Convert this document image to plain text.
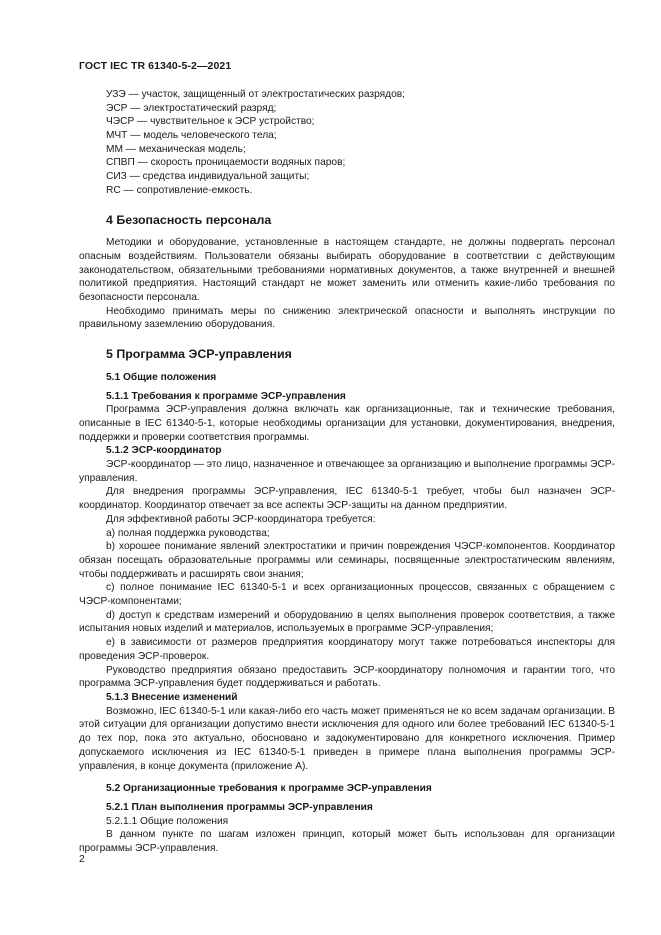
ГОСТ IEC TR 61340-5-2—2021
УЗЭ — участок, защищенный от электростатических разрядов;
ЭСР — электростатический разряд;
ЧЭСР — чувствительное к ЭСР устройство;
МЧТ — модель человеческого тела;
ММ — механическая модель;
СПВП — скорость проницаемости водяных паров;
СИЗ — средства индивидуальной защиты;
RC — сопротивление-емкость.
4 Безопасность персонала

Методики и оборудование, установленные в настоящем стандарте, не должны подвергать персонал опасным воздействиям. Пользователи обязаны выбирать оборудование в соответствии с действующим законодательством, обязательными требованиями нормативных документов, а также внутренней и внешней политикой предприятия. Настоящий стандарт не может заменить или отменить какие-либо требования по безопасности персонала.

Необходимо принимать меры по снижению электрической опасности и выполнять инструкции по правильному заземлению оборудования.

5 Программа ЭСР-управления
5.1 Общие положения
5.1.1 Требования к программе ЭСР-управления

Программа ЭСР-управления должна включать как организационные, так и технические требования, описанные в IEC 61340-5-1, которые необходимы организации для установки, документирования, внедрения, поддержки и проверки соответствия программы.

5.1.2 ЭСР-координатор

ЭСР-координатор — это лицо, назначенное и отвечающее за организацию и выполнение программы ЭСР-управления.

Для внедрения программы ЭСР-управления, IEC 61340-5-1 требует, чтобы был назначен ЭСР-координатор. Координатор отвечает за все аспекты ЭСР-защиты на данном предприятии.

Для эффективной работы ЭСР-координатора требуется:

a) полная поддержка руководства;

b) хорошее понимание явлений электростатики и причин повреждения ЧЭСР-компонентов. Координатор обязан посещать образовательные программы или семинары, посвященные электростатическим явлениям, чтобы поддерживать и расширять свои знания;

c) полное понимание IEC 61340-5-1 и всех организационных процессов, связанных с обращением с ЧЭСР-компонентами;

d) доступ к средствам измерений и оборудованию в целях выполнения проверок соответствия, а также испытания новых изделий и материалов, используемых в программе ЭСР-управления;

e) в зависимости от размеров предприятия координатору могут также потребоваться инспекторы для проведения ЭСР-проверок.

Руководство предприятия обязано предоставить ЭСР-координатору полномочия и гарантии того, что программа ЭСР-управления будет поддерживаться и работать.

5.1.3 Внесение изменений

Возможно, IEC 61340-5-1 или какая-либо его часть может применяться не ко всем задачам организации. В этой ситуации для организации допустимо внести исключения для одного или более требований IEC 61340-5-1 до тех пор, пока это актуально, обосновано и задокументировано для конкретного исключения. Пример допускаемого исключения из IEC 61340-5-1 приведен в примере плана выполнения программы ЭСР-управления, в конце документа (приложение A).

5.2 Организационные требования к программе ЭСР-управления
5.2.1 План выполнения программы ЭСР-управления
5.2.1.1 Общие положения

В данном пункте по шагам изложен принцип, который может быть использован для организации программы ЭСР-управления.

2
